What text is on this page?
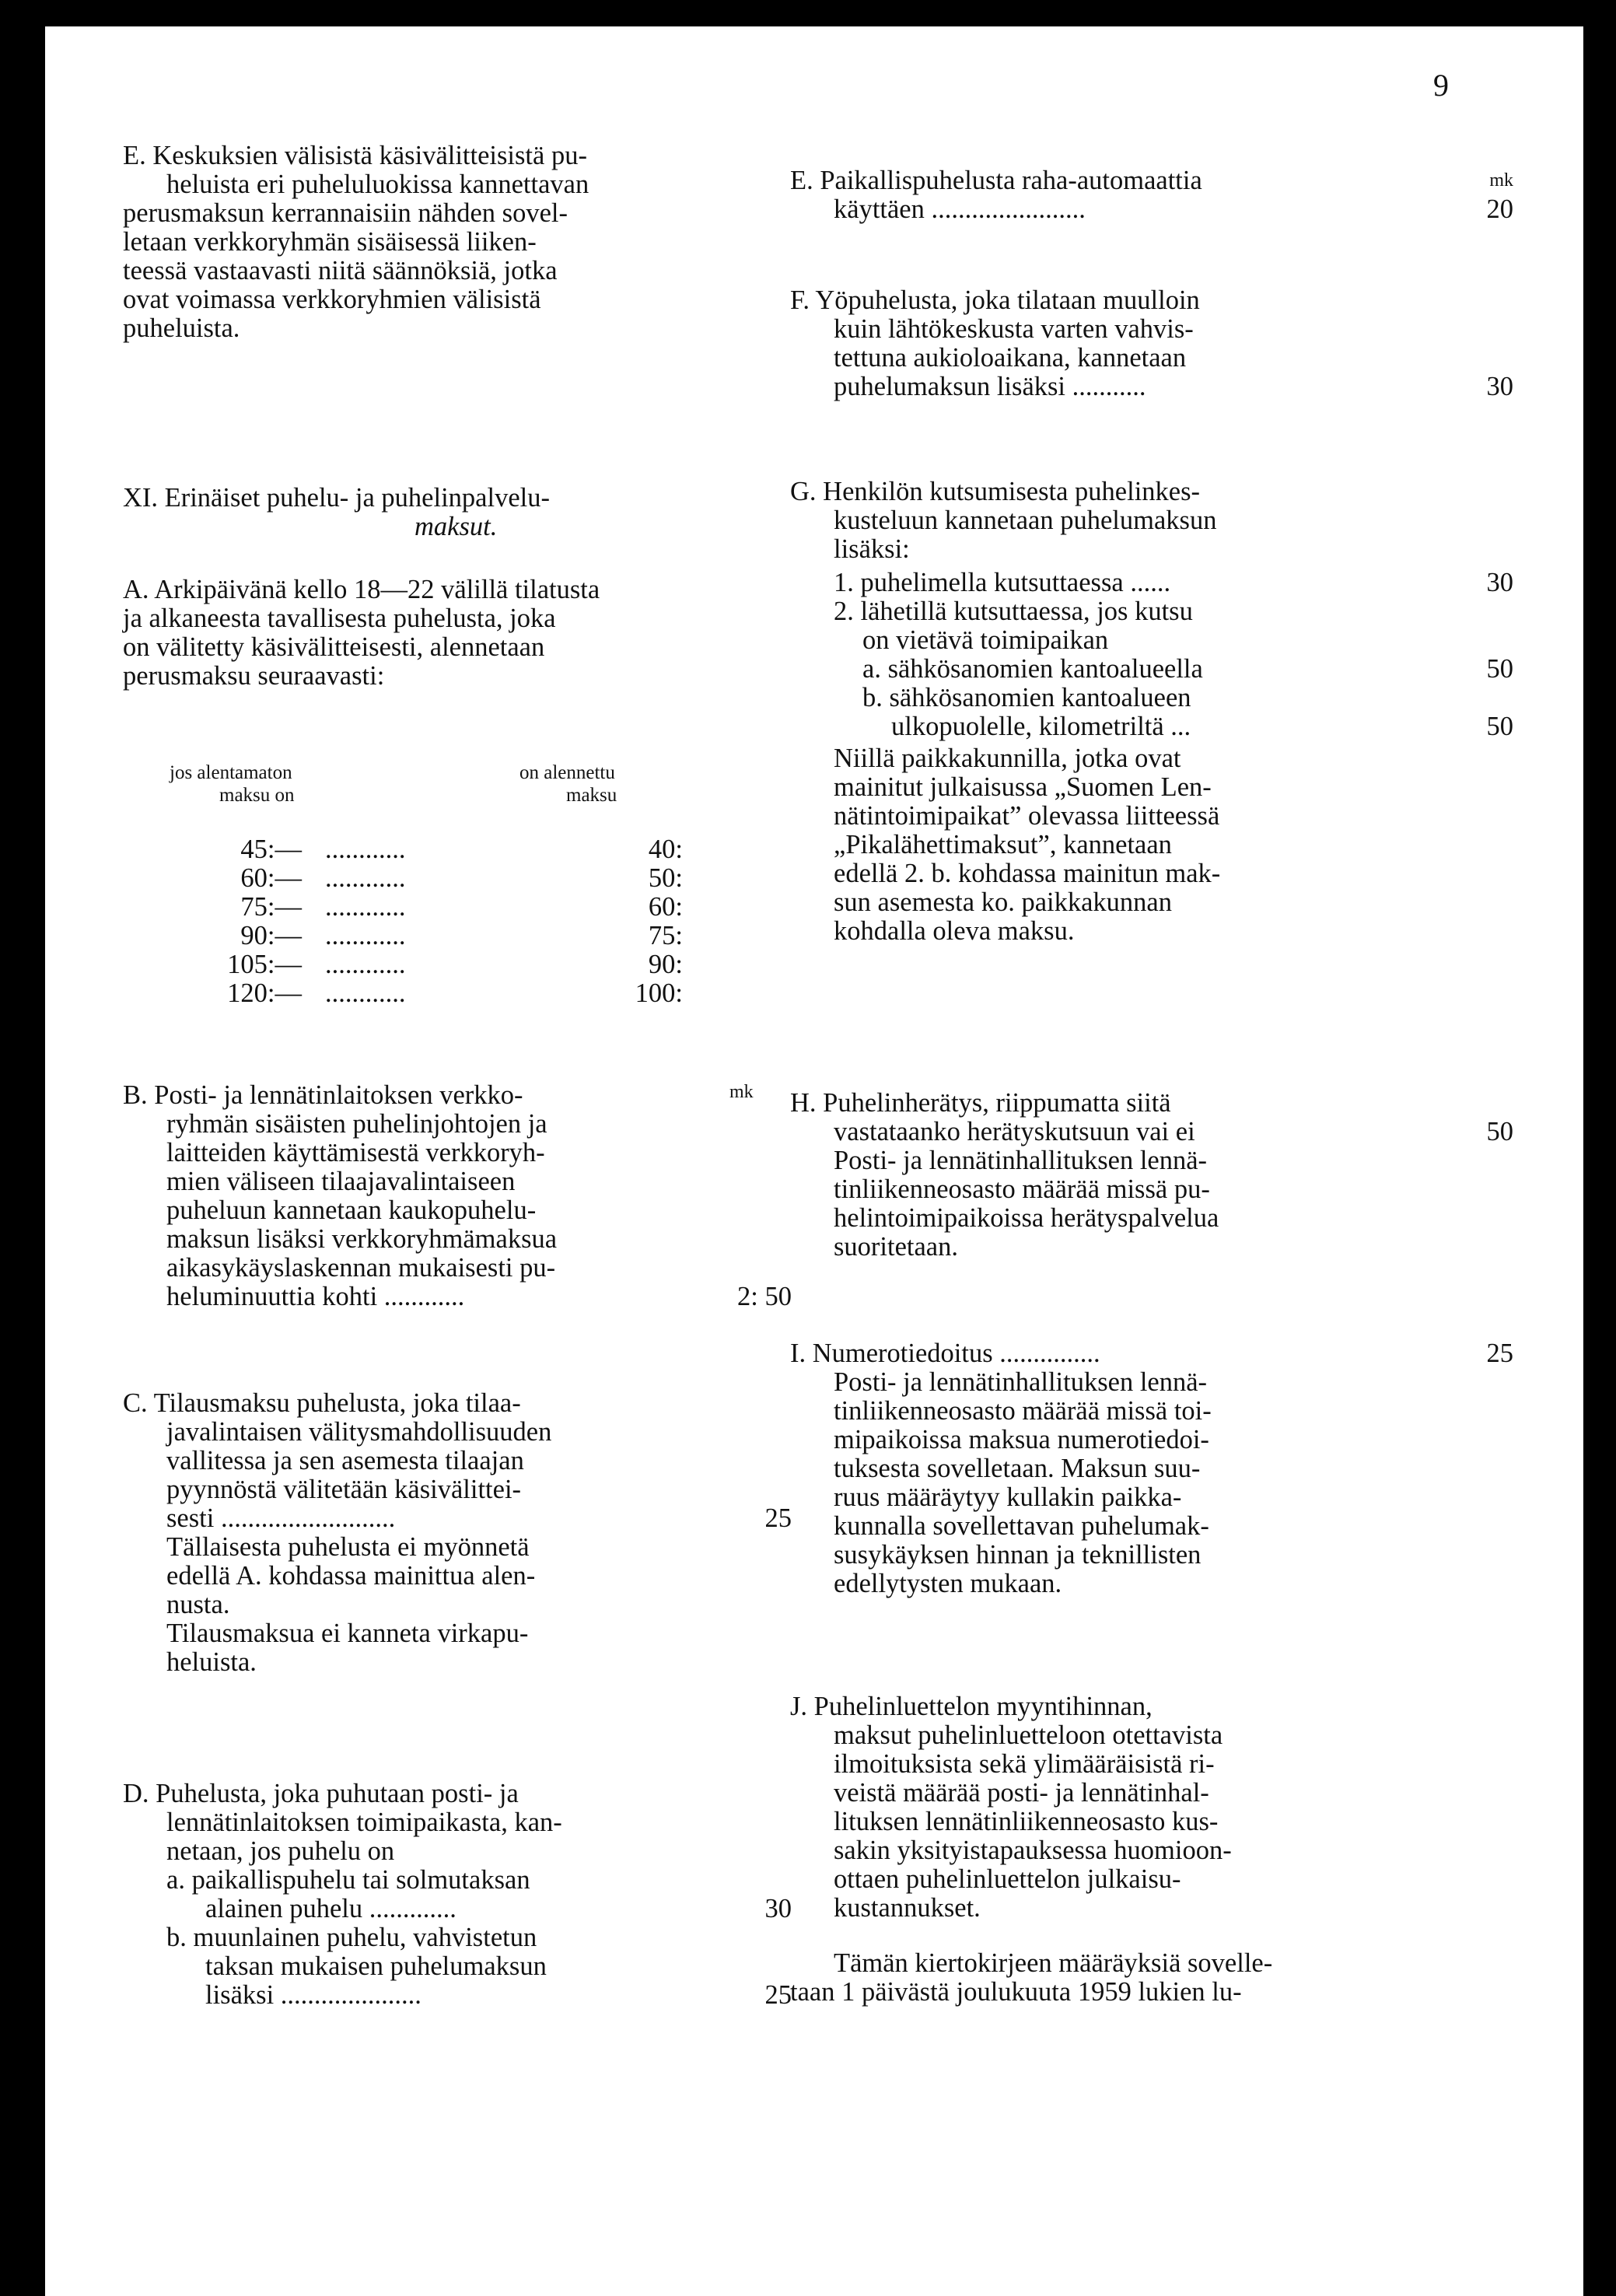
9
E. Keskuksien välisistä käsivälitteisistä pu-
heluista eri puheluluokissa kannettavan
perusmaksun kerrannaisiin nähden sovel-
letaan verkkoryhmän sisäisessä liiken-
teessä vastaavasti niitä säännöksiä, jotka
ovat voimassa verkkoryhmien välisistä
puheluista.
XI. Erinäiset puhelu- ja puhelinpalvelu-
maksut.
A. Arkipäivänä kello 18—22 välillä tilatusta
ja alkaneesta tavallisesta puhelusta, joka
on välitetty käsivälitteisesti, alennetaan
perusmaksu seuraavasti:
jos alentamaton
maksu on
on alennettu
maksu
45:— ............	40:
60:— ............	50:
75:— ............	60:
90:— ............	75:
105:— ............	90:
120:— ............	100:
mk
B. Posti- ja lennätinlaitoksen verkko-
ryhmän sisäisten puhelinjohtojen ja
laitteiden käyttämisestä verkkoryh-
mien väliseen tilaajavalintaiseen
puheluun kannetaan kaukopuhelu-
maksun lisäksi verkkoryhmämaksua
aikasykäyslaskennan mukaisesti pu-
heluminuuttia kohti ............	2: 50
C. Tilausmaksu puhelusta, joka tilaa-
javalintaisen välitysmahdollisuuden
vallitessa ja sen asemesta tilaajan
pyynnöstä välitetään käsivälittei-
sesti ..........................	25
Tällaisesta puhelusta ei myönnetä
edellä A. kohdassa mainittua alen-
nusta.
Tilausmaksua ei kanneta virkapu-
heluista.
D. Puhelusta, joka puhutaan posti- ja
lennätinlaitoksen toimipaikasta, kan-
netaan, jos puhelu on
a. paikallispuhelu tai solmutaksan
alainen puhelu .............	30
b. muunlainen puhelu, vahvistetun
taksan mukaisen puhelumaksun
lisäksi .....................	25
mk
E. Paikallispuhelusta raha-automaattia
käyttäen .......................	20
F. Yöpuhelusta, joka tilataan muulloin
kuin lähtökeskusta varten vahvis-
tettuna aukioloaikana, kannetaan
puhelumaksun lisäksi ...........	30
G. Henkilön kutsumisesta puhelinkes-
kusteluun kannetaan puhelumaksun
lisäksi:
1. puhelimella kutsuttaessa ......	30
2. lähetillä kutsuttaessa, jos kutsu
on vietävä toimipaikan
a. sähkösanomien kantoalueella	50
b. sähkösanomien kantoalueen
ulkopuolelle, kilometriltä ...	50
Niillä paikkakunnilla, jotka ovat
mainitut julkaisussa „Suomen Len-
nätintoimipaikat” olevassa liitteessä
„Pikalähettimaksut”, kannetaan
edellä 2. b. kohdassa mainitun mak-
sun asemesta ko. paikkakunnan
kohdalla oleva maksu.
H. Puhelinherätys, riippumatta siitä
vastataanko herätyskutsuun vai ei	50
Posti- ja lennätinhallituksen lennä-
tinliikenneosasto määrää missä pu-
helintoimipaikoissa herätyspalvelua
suoritetaan.
I. Numerotiedoitus ...............	25
Posti- ja lennätinhallituksen lennä-
tinliikenneosasto määrää missä toi-
mipaikoissa maksua numerotiedoi-
tuksesta sovelletaan. Maksun suu-
ruus määräytyy kullakin paikka-
kunnalla sovellettavan puhelumak-
susykäyksen hinnan ja teknillisten
edellytysten mukaan.
J. Puhelinluettelon myyntihinnan,
maksut puhelinluetteloon otettavista
ilmoituksista sekä ylimääräisistä ri-
veistä määrää posti- ja lennätinhal-
lituksen lennätinliikenneosasto kus-
sakin yksityistapauksessa huomioon-
ottaen puhelinluettelon julkaisu-
kustannukset.
Tämän kiertokirjeen määräyksiä sovelle-
taan 1 päivästä joulukuuta 1959 lukien lu-
